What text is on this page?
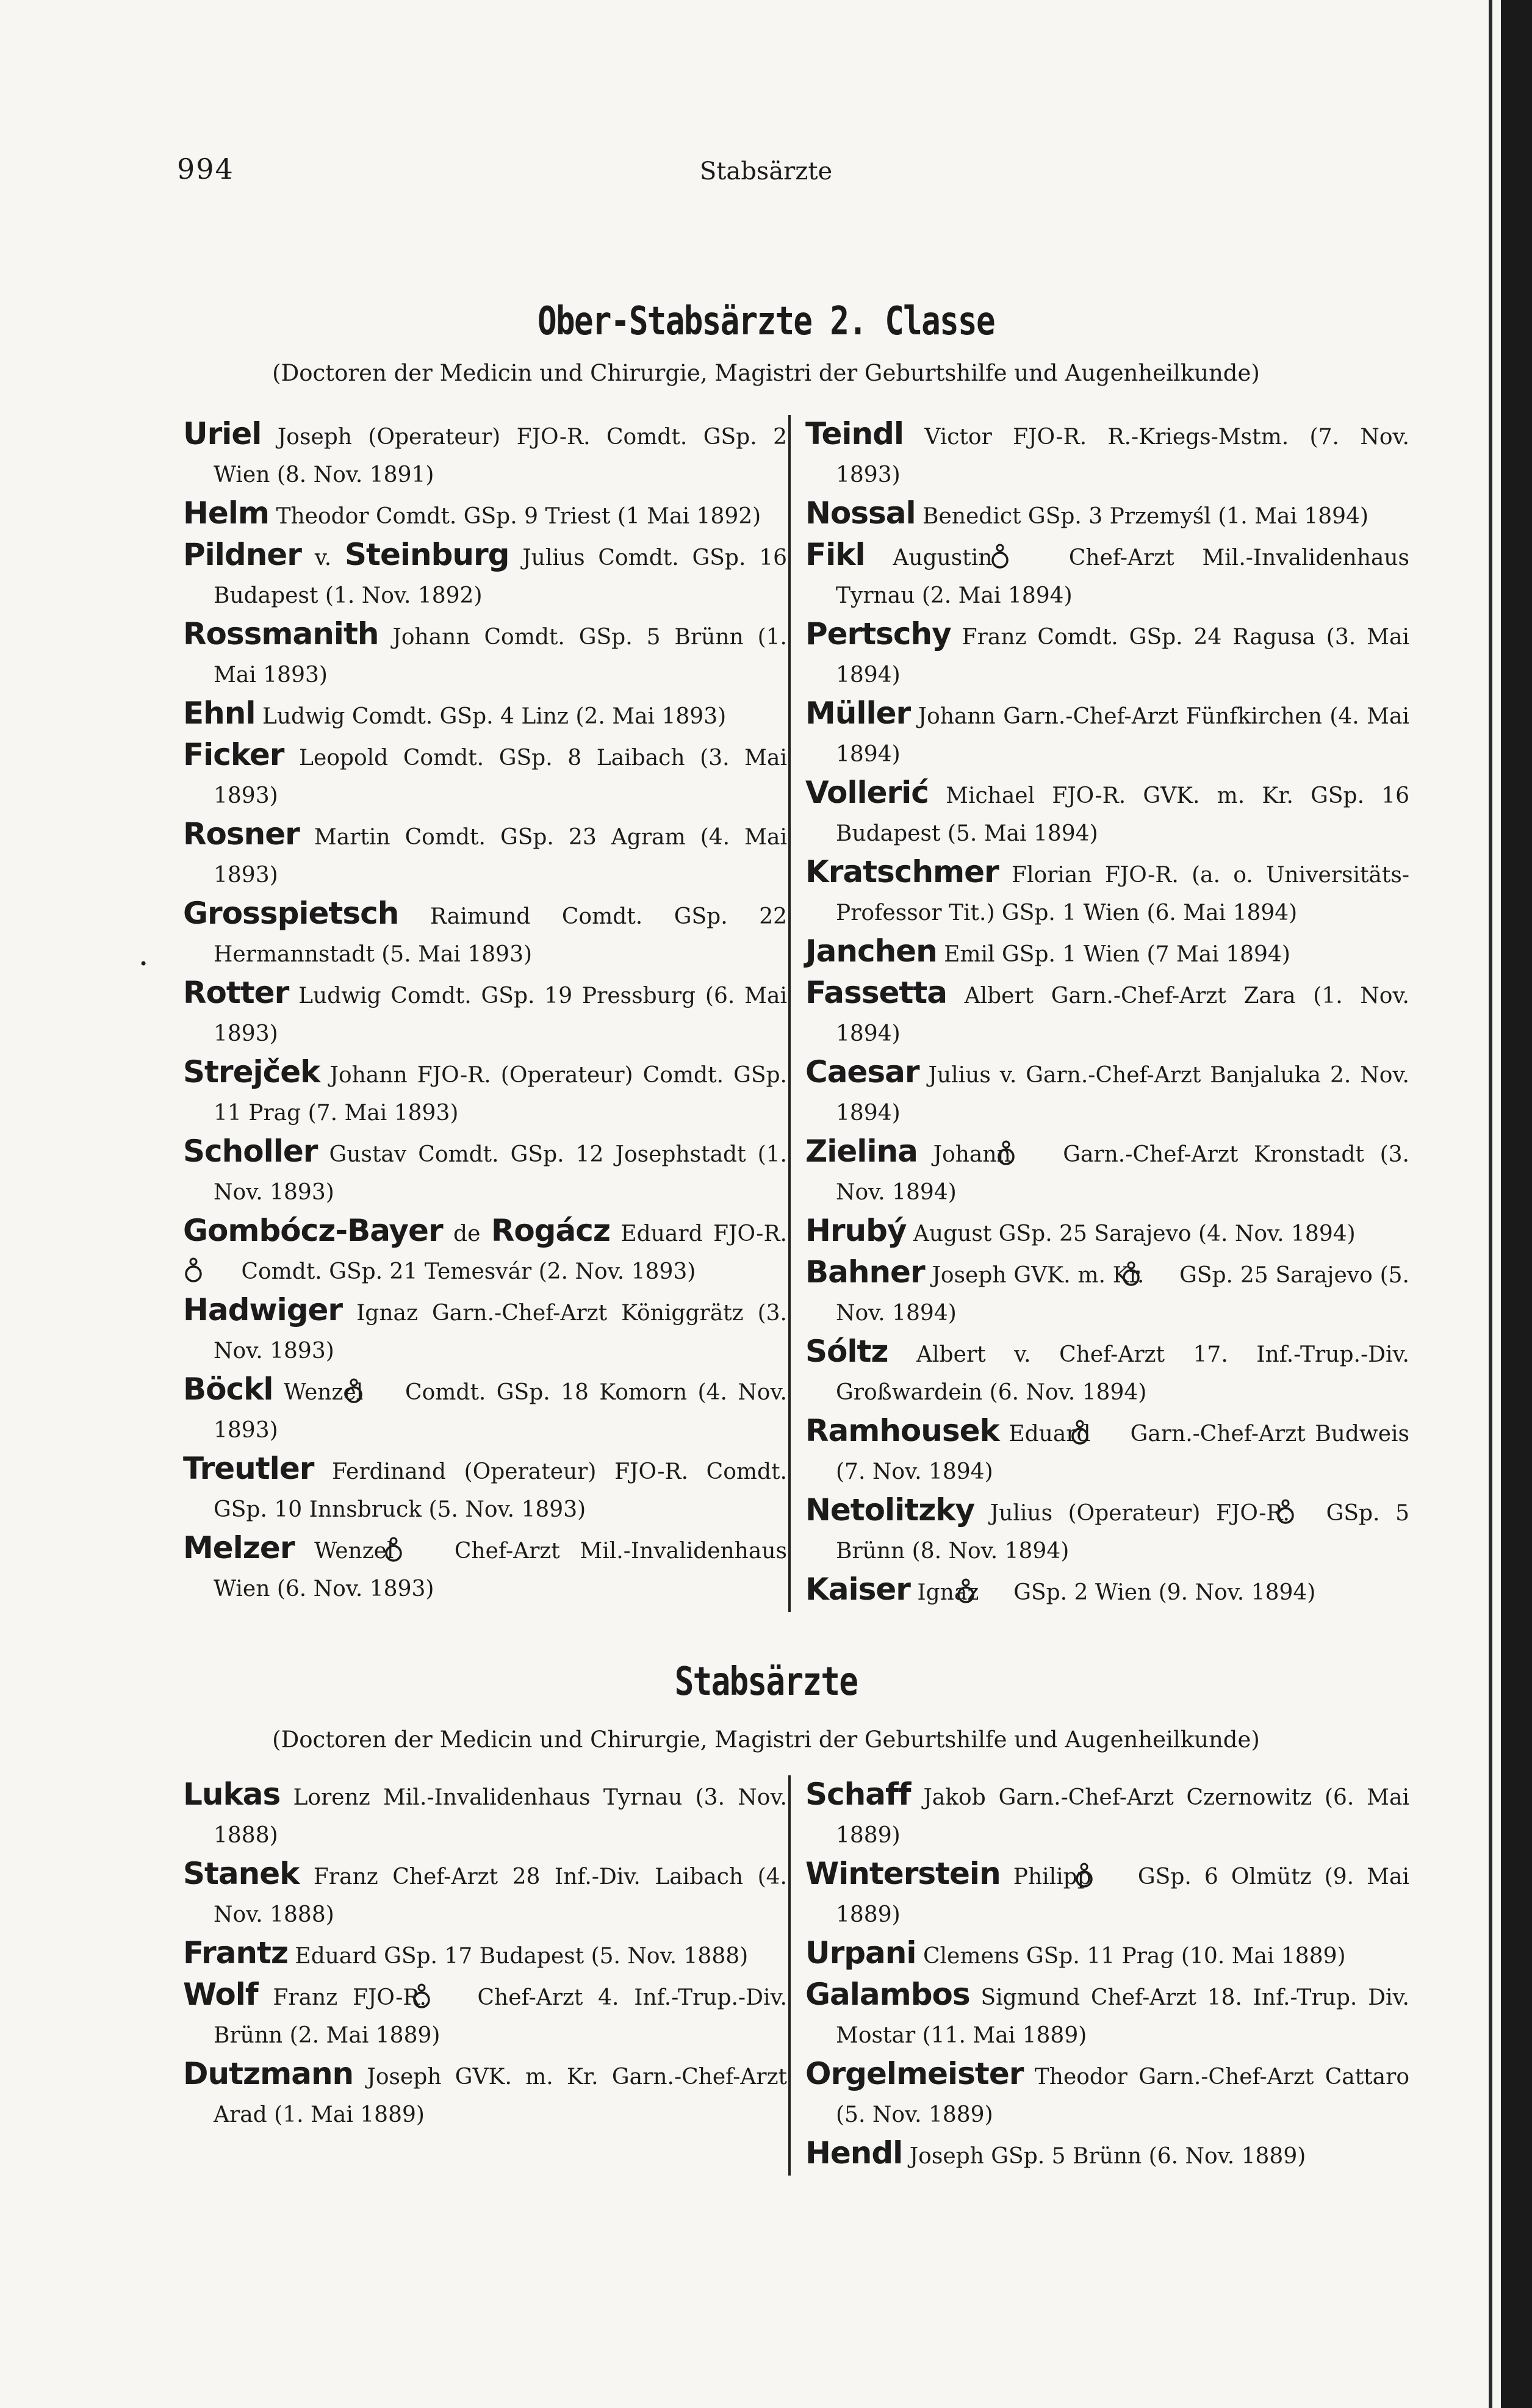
994	Stabsärzte
Ober-Stabsärzte 2. Classe
(Doctoren der Medicin und Chirurgie, Magistri der Geburtshilfe und Augenheilkunde)
Uriel Joseph (Operateur) FJO-R. Comdt. GSp. 2 Wien (8. Nov. 1891)
Helm Theodor Comdt. GSp. 9 Triest (1 Mai 1892)
Pildner v. Steinburg Julius Comdt. GSp. 16 Budapest (1. Nov. 1892)
Rossmanith Johann Comdt. GSp. 5 Brünn (1. Mai 1893)
Ehnl Ludwig Comdt. GSp. 4 Linz (2. Mai 1893)
Ficker Leopold Comdt. GSp. 8 Laibach (3. Mai 1893)
Rosner Martin Comdt. GSp. 23 Agram (4. Mai 1893)
Grosspietsch Raimund Comdt. GSp. 22 Hermannstadt (5. Mai 1893)
Rotter Ludwig Comdt. GSp. 19 Pressburg (6. Mai 1893)
Strejček Johann FJO-R. (Operateur) Comdt. GSp. 11 Prag (7. Mai 1893)
Scholler Gustav Comdt. GSp. 12 Josephstadt (1. Nov. 1893)
Gombócz-Bayer de Rogácz Eduard FJO-R.  Comdt. GSp. 21 Temesvár (2. Nov. 1893)
Hadwiger Ignaz Garn.-Chef-Arzt Königgrätz (3. Nov. 1893)
Böckl Wenzel  Comdt. GSp. 18 Komorn (4. Nov. 1893)
Treutler Ferdinand (Operateur) FJO-R. Comdt. GSp. 10 Innsbruck (5. Nov. 1893)
Melzer Wenzel  Chef-Arzt Mil.-Invalidenhaus Wien (6. Nov. 1893)
Teindl Victor FJO-R. R.-Kriegs-Mstm. (7. Nov. 1893)
Nossal Benedict GSp. 3 Przemyśl (1. Mai 1894)
Fikl Augustin  Chef-Arzt Mil.-Invalidenhaus Tyrnau (2. Mai 1894)
Pertschy Franz Comdt. GSp. 24 Ragusa (3. Mai 1894)
Müller Johann Garn.-Chef-Arzt Fünfkirchen (4. Mai 1894)
Vollerić Michael FJO-R. GVK. m. Kr. GSp. 16 Budapest (5. Mai 1894)
Kratschmer Florian FJO-R. (a. o. Universitäts-Professor Tit.) GSp. 1 Wien (6. Mai 1894)
Janchen Emil GSp. 1 Wien (7 Mai 1894)
Fassetta Albert Garn.-Chef-Arzt Zara (1. Nov. 1894)
Caesar Julius v. Garn.-Chef-Arzt Banjaluka 2. Nov. 1894)
Zielina Johann  Garn.-Chef-Arzt Kronstadt (3. Nov. 1894)
Hrubý August GSp. 25 Sarajevo (4. Nov. 1894)
Bahner Joseph GVK. m. Kr.  GSp. 25 Sarajevo (5. Nov. 1894)
Sóltz Albert v. Chef-Arzt 17. Inf.-Trup.-Div. Großwardein (6. Nov. 1894)
Ramhousek Eduard  Garn.-Chef-Arzt Budweis (7. Nov. 1894)
Netolitzky Julius (Operateur) FJO-R. GSp. 5 Brünn (8. Nov. 1894)
Kaiser Ignaz  GSp. 2 Wien (9. Nov. 1894)
•
Stabsärzte
(Doctoren der Medicin und Chirurgie, Magistri der Geburtshilfe und Augenheilkunde)
Lukas Lorenz Mil.-Invalidenhaus Tyrnau (3. Nov. 1888)
Stanek Franz Chef-Arzt 28 Inf.-Div. Laibach (4. Nov. 1888)
Frantz Eduard GSp. 17 Budapest (5. Nov. 1888)
Wolf Franz FJO-R.  Chef-Arzt 4. Inf.-Trup.-Div. Brünn (2. Mai 1889)
Dutzmann Joseph GVK. m. Kr. Garn.-Chef-Arzt Arad (1. Mai 1889)
Schaff Jakob Garn.-Chef-Arzt Czernowitz (6. Mai 1889)
Winterstein Philipp  GSp. 6 Olmütz (9. Mai 1889)
Urpani Clemens GSp. 11 Prag (10. Mai 1889)
Galambos Sigmund Chef-Arzt 18. Inf.-Trup. Div. Mostar (11. Mai 1889)
Orgelmeister Theodor Garn.-Chef-Arzt Cattaro (5. Nov. 1889)
Hendl Joseph GSp. 5 Brünn (6. Nov. 1889)
